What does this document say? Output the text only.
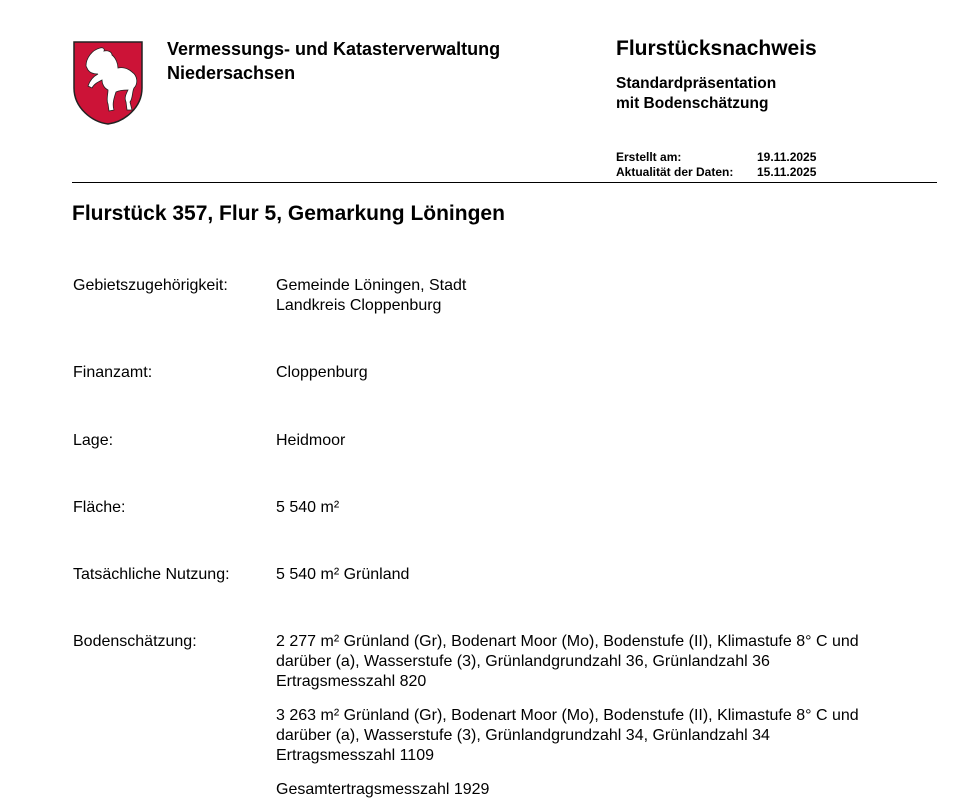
Vermessungs- und Katasterverwaltung
Niedersachsen
Flurstücksnachweis
Standardpräsentation
mit Bodenschätzung
Erstellt am:	19.11.2025
Aktualität der Daten:	15.11.2025
Flurstück 357, Flur 5, Gemarkung Löningen
Gebietszugehörigkeit:	Gemeinde Löningen, Stadt
Landkreis Cloppenburg
Finanzamt:	Cloppenburg
Lage:	Heidmoor
Fläche:	5 540 m²
Tatsächliche Nutzung:	5 540 m² Grünland
Bodenschätzung:	2 277 m² Grünland (Gr), Bodenart Moor (Mo), Bodenstufe (II), Klimastufe 8° C und
darüber (a), Wasserstufe (3), Grünlandgrundzahl 36, Grünlandzahl 36
Ertragsmesszahl 820
3 263 m² Grünland (Gr), Bodenart Moor (Mo), Bodenstufe (II), Klimastufe 8° C und
darüber (a), Wasserstufe (3), Grünlandgrundzahl 34, Grünlandzahl 34
Ertragsmesszahl 1109
Gesamtertragsmesszahl 1929
